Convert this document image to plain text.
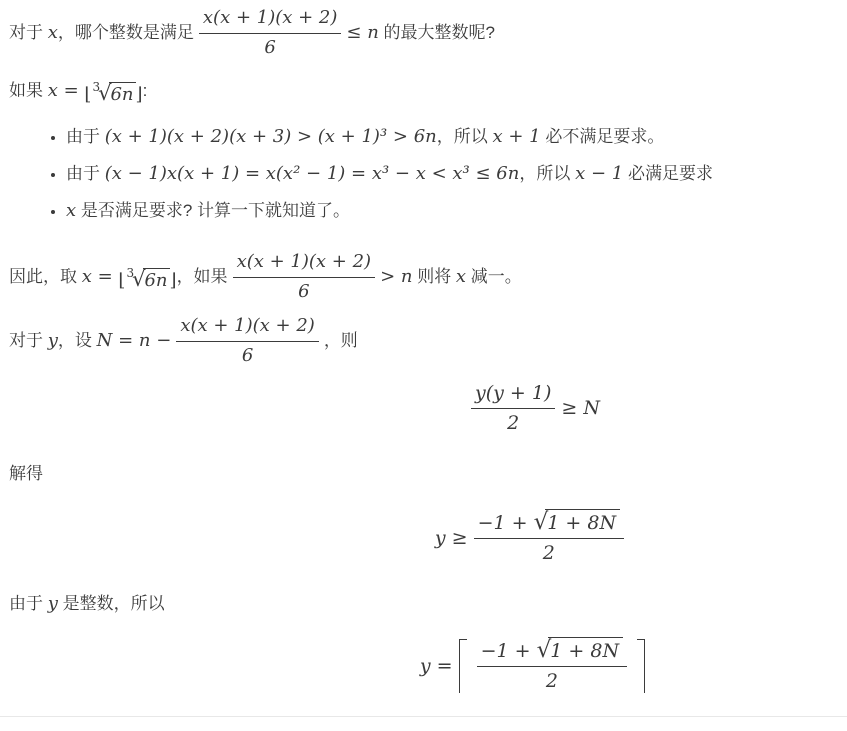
对于 x ，哪个整数是满足 $\frac{x(x + 1)(x + 2)}{6} \le n$ 的最大整数呢?
如果 x = ⌊$^3$√6n ⌋ :
• 由于 (x + 1)(x + 2)(x + 3) > (x + 1)³ > 6n ，所以 x + 1 必不满足要求。
• 由于 (x − 1)x(x + 1) = x(x² − 1) = x³ − x < x³ ≤ 6n ，所以 x − 1 必满足要求
• x 是否满足要求? 计算一下就知道了。
因此，取 x = ⌊$^3$√6n ⌋ ，如果 $\frac{x(x + 1)(x + 2)}{6} > n$ 则将 x 减一。
对于 y ，设 $N = n - \frac{x(x + 1)(x + 2)}{6}$ ，则
$\frac{y(y + 1)}{2} \ge N$
解得
$y \ge \frac{-1 + √1 + 8N}{2}$
由于 y 是整数，所以
$y = \frac{-1 + √1 + 8N}{2}$
